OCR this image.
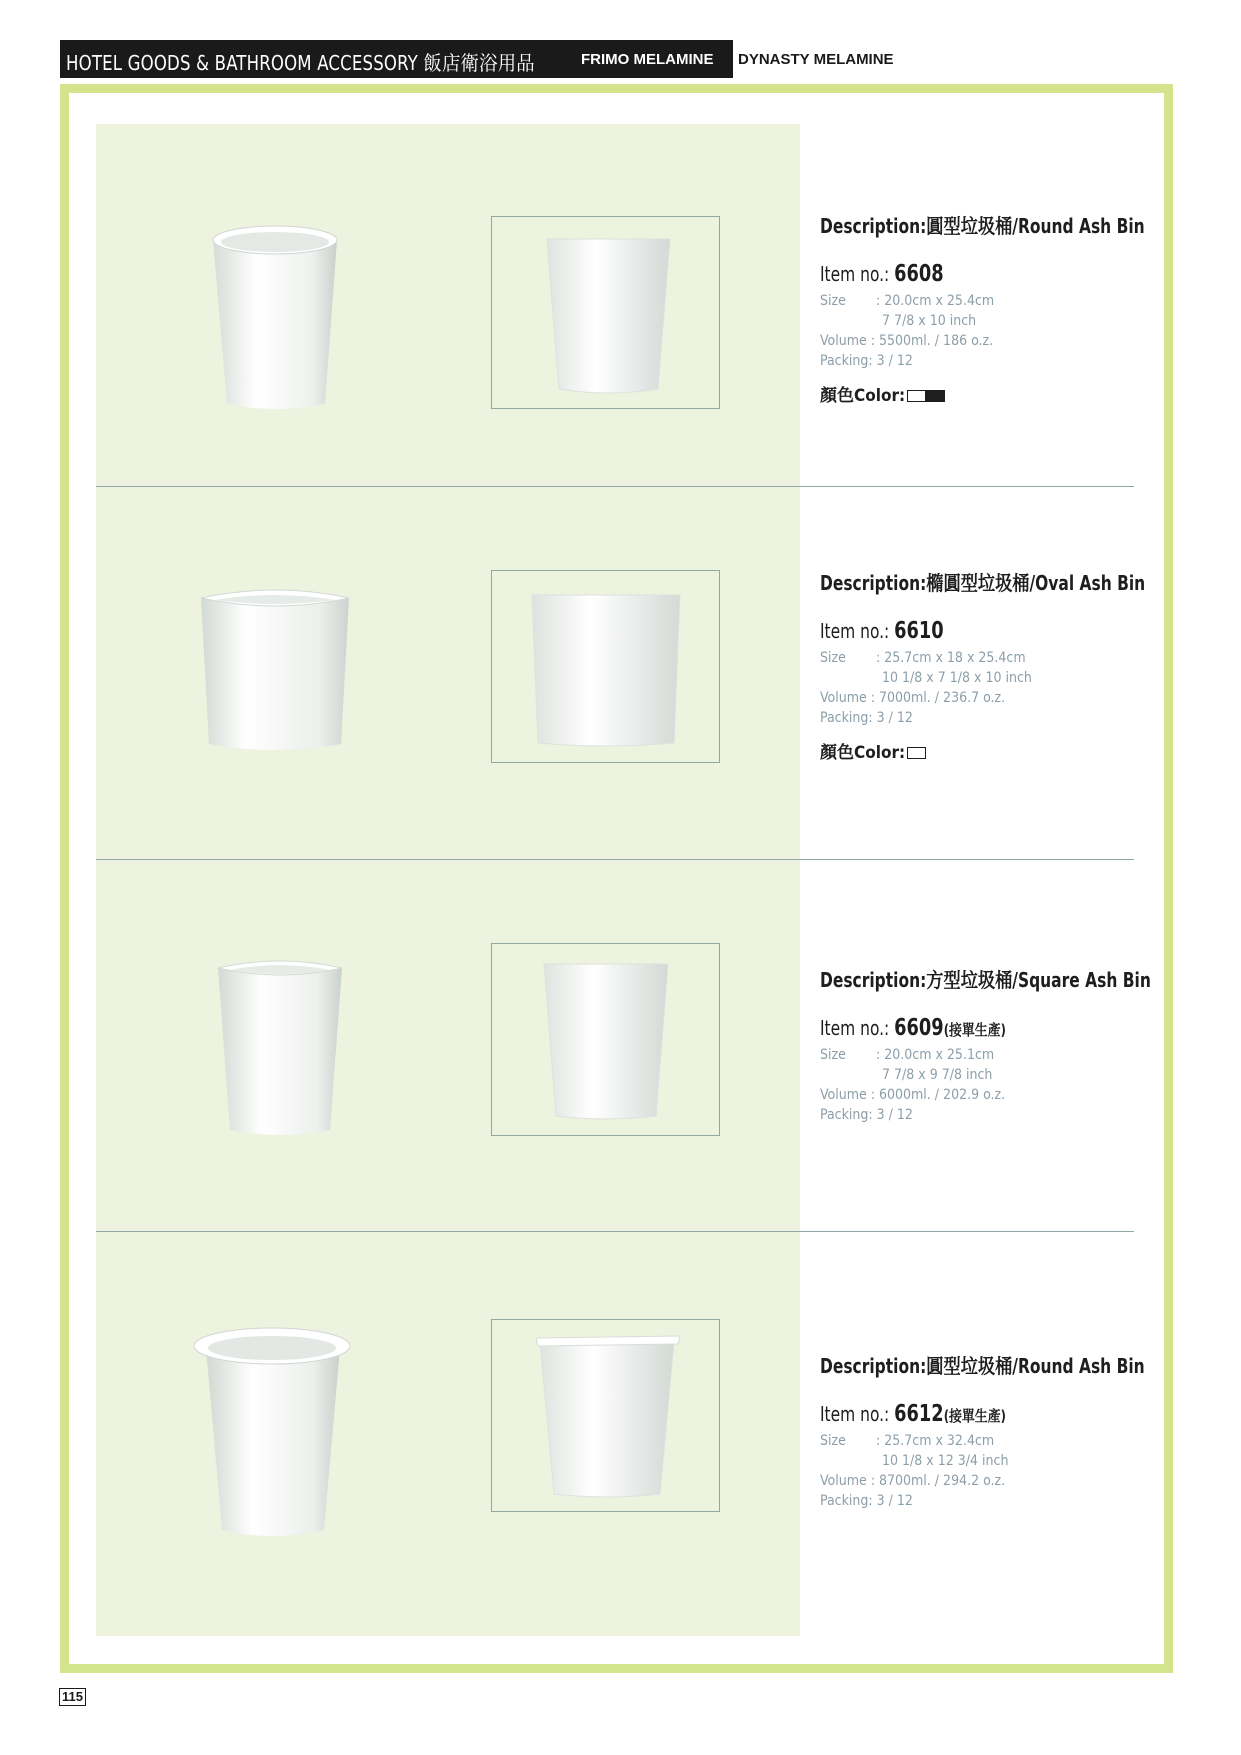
HOTEL GOODS & BATHROOM ACCESSORY 飯店衛浴用品	FRIMO MELAMINE DYNASTY MELAMINE
Description:圓型垃圾桶/Round Ash Bin
Item no.: 6608
Size : 20.0cm x 25.4cm
7 7/8 x 10 inch
Volume : 5500ml. / 186 o.z.
Packing: 3 / 12
顏色Color:
Description:橢圓型垃圾桶/Oval Ash Bin
Item no.: 6610
Size : 25.7cm x 18 x 25.4cm
10 1/8 x 7 1/8 x 10 inch
Volume : 7000ml. / 236.7 o.z.
Packing: 3 / 12
顏色Color:
Description:方型垃圾桶/Square Ash Bin
Item no.: 6609(接單生產)
Size : 20.0cm x 25.1cm
7 7/8 x 9 7/8 inch
Volume : 6000ml. / 202.9 o.z.
Packing: 3 / 12
Description:圓型垃圾桶/Round Ash Bin
Item no.: 6612(接單生產)
Size : 25.7cm x 32.4cm
10 1/8 x 12 3/4 inch
Volume : 8700ml. / 294.2 o.z.
Packing: 3 / 12
115
